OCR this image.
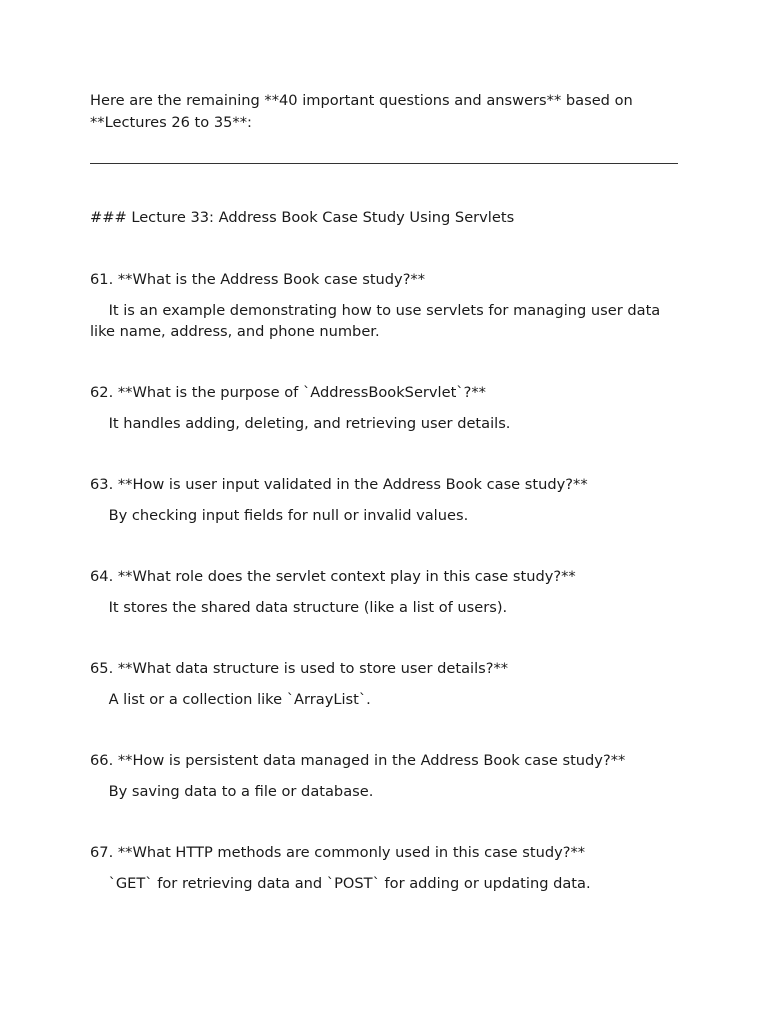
Here are the remaining **40 important questions and answers** based on **Lectures 26 to 35**:

### Lecture 33: Address Book Case Study Using Servlets

61. **What is the Address Book case study?**

It is an example demonstrating how to use servlets for managing user data like name, address, and phone number.

62. **What is the purpose of `AddressBookServlet`?**

It handles adding, deleting, and retrieving user details.

63. **How is user input validated in the Address Book case study?**

By checking input fields for null or invalid values.

64. **What role does the servlet context play in this case study?**

It stores the shared data structure (like a list of users).

65. **What data structure is used to store user details?**

A list or a collection like `ArrayList`.

66. **How is persistent data managed in the Address Book case study?**

By saving data to a file or database.

67. **What HTTP methods are commonly used in this case study?**

`GET` for retrieving data and `POST` for adding or updating data.
